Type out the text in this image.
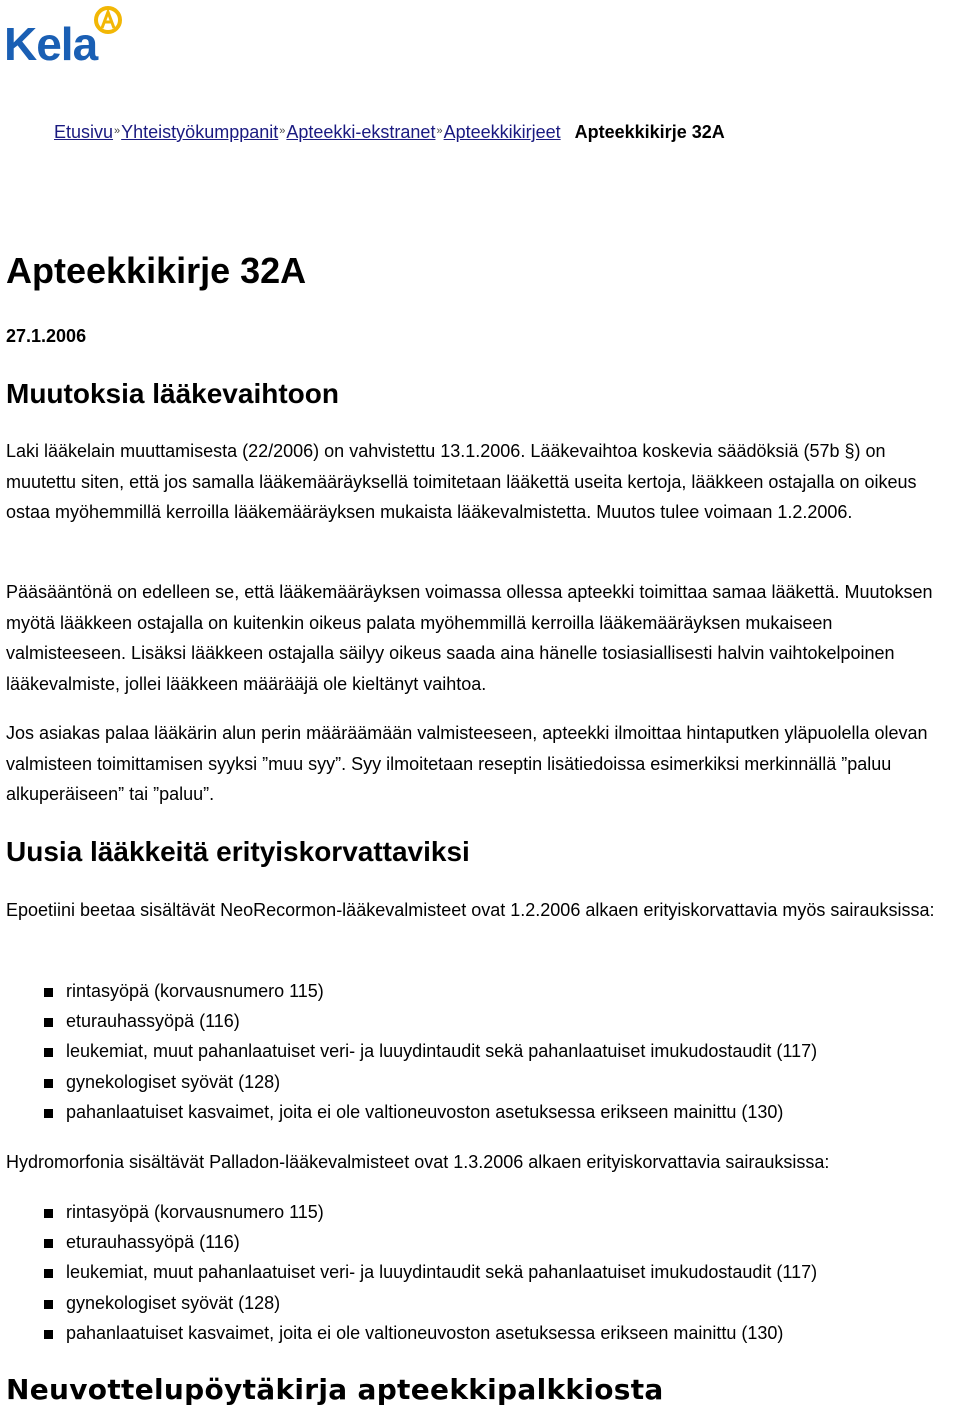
Kela
Etusivu»Yhteistyökumppanit»Apteekki-ekstranet»Apteekkikirjeet Apteekkikirje 32A
Apteekkikirje 32A
27.1.2006
Muutoksia lääkevaihtoon

Laki lääkelain muuttamisesta (22/2006) on vahvistettu 13.1.2006. Lääkevaihtoa koskevia säädöksiä (57b §) on muutettu siten, että jos samalla lääkemääräyksellä toimitetaan lääkettä useita kertoja, lääkkeen ostajalla on oikeus ostaa myöhemmillä kerroilla lääkemääräyksen mukaista lääkevalmistetta. Muutos tulee voimaan 1.2.2006.

Pääsääntönä on edelleen se, että lääkemääräyksen voimassa ollessa apteekki toimittaa samaa lääkettä. Muutoksen myötä lääkkeen ostajalla on kuitenkin oikeus palata myöhemmillä kerroilla lääkemääräyksen mukaiseen valmisteeseen. Lisäksi lääkkeen ostajalla säilyy oikeus saada aina hänelle tosiasiallisesti halvin vaihtokelpoinen lääkevalmiste, jollei lääkkeen määrääjä ole kieltänyt vaihtoa.

Jos asiakas palaa lääkärin alun perin määräämään valmisteeseen, apteekki ilmoittaa hintaputken yläpuolella olevan valmisteen toimittamisen syyksi ”muu syy”. Syy ilmoitetaan reseptin lisätiedoissa esimerkiksi merkinnällä ”paluu alkuperäiseen” tai ”paluu”.

Uusia lääkkeitä erityiskorvattaviksi

Epoetiini beetaa sisältävät NeoRecormon-lääkevalmisteet ovat 1.2.2006 alkaen erityiskorvattavia myös sairauksissa:

rintasyöpä (korvausnumero 115)
eturauhassyöpä (116)
leukemiat, muut pahanlaatuiset veri- ja luuydintaudit sekä pahanlaatuiset imukudostaudit (117)
gynekologiset syövät (128)
pahanlaatuiset kasvaimet, joita ei ole valtioneuvoston asetuksessa erikseen mainittu (130)

Hydromorfonia sisältävät Palladon-lääkevalmisteet ovat 1.3.2006 alkaen erityiskorvattavia sairauksissa:

rintasyöpä (korvausnumero 115)
eturauhassyöpä (116)
leukemiat, muut pahanlaatuiset veri- ja luuydintaudit sekä pahanlaatuiset imukudostaudit (117)
gynekologiset syövät (128)
pahanlaatuiset kasvaimet, joita ei ole valtioneuvoston asetuksessa erikseen mainittu (130)
Neuvottelupöytäkirja apteekkipalkkiosta
